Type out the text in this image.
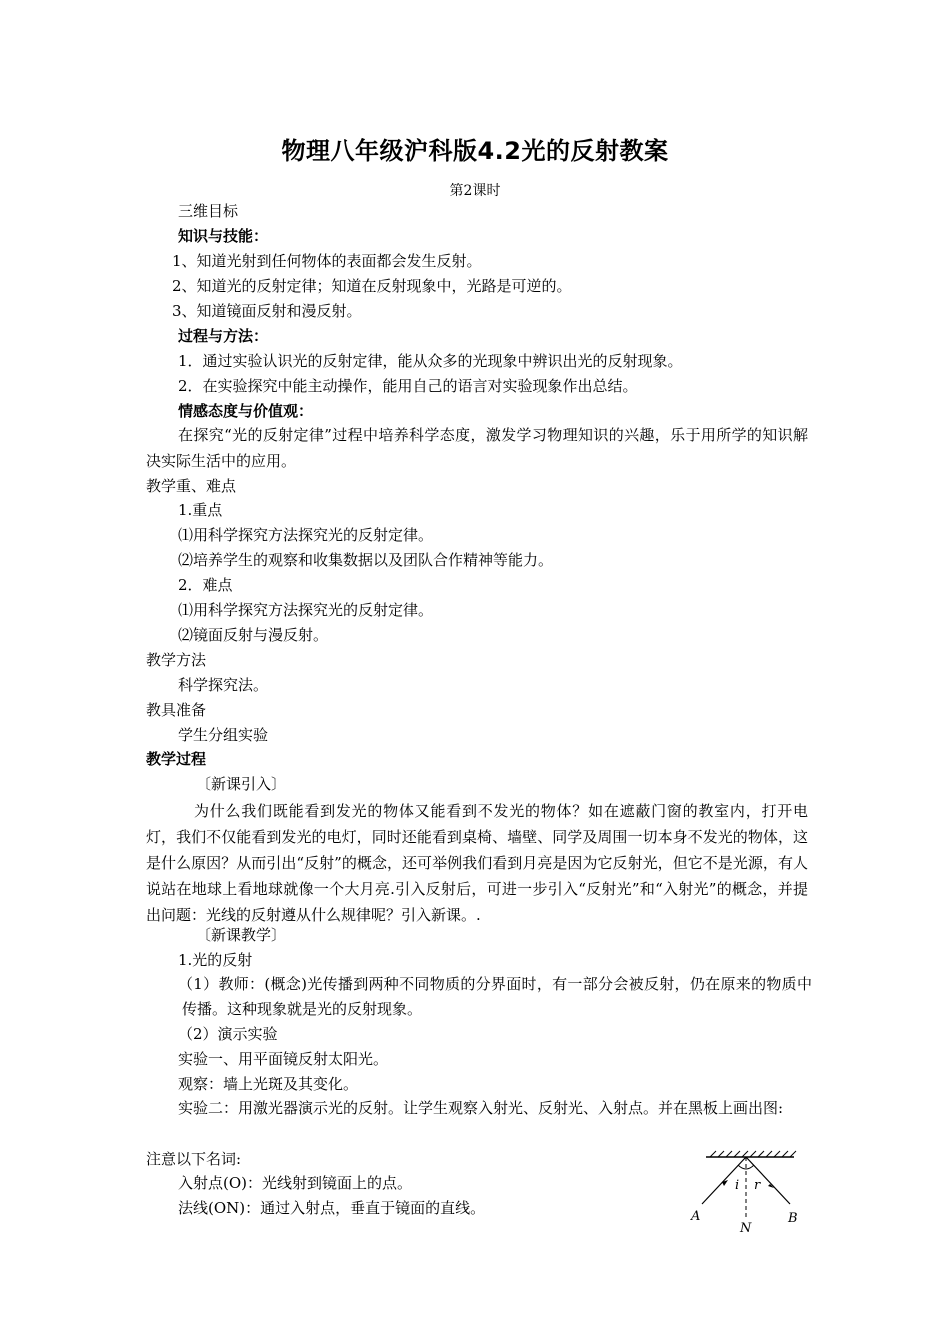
物理八年级沪科版4.2光的反射教案
第2课时
三维目标
知识与技能：
1、知道光射到任何物体的表面都会发生反射。
2、知道光的反射定律；知道在反射现象中，光路是可逆的。
3、知道镜面反射和漫反射。
过程与方法：
1．通过实验认识光的反射定律，能从众多的光现象中辨识出光的反射现象。
2．在实验探究中能主动操作，能用自己的语言对实验现象作出总结。
情感态度与价值观：
在探究“光的反射定律”过程中培养科学态度，激发学习物理知识的兴趣，乐于用所学的知识解决实际生活中的应用。
教学重、难点
1.重点
⑴用科学探究方法探究光的反射定律。
⑵培养学生的观察和收集数据以及团队合作精神等能力。
2．难点
⑴用科学探究方法探究光的反射定律。
⑵镜面反射与漫反射。
教学方法
科学探究法。
教具准备
学生分组实验
教学过程
〔新课引入〕
为什么我们既能看到发光的物体又能看到不发光的物体？如在遮蔽门窗的教室内，打开电灯，我们不仅能看到发光的电灯，同时还能看到桌椅、墙壁、同学及周围一切本身不发光的物体，这是什么原因？从而引出“反射”的概念，还可举例我们看到月亮是因为它反射光，但它不是光源，有人说站在地球上看地球就像一个大月亮.引入反射后，可进一步引入“反射光”和“入射光”的概念，并提出问题：光线的反射遵从什么规律呢？引入新课。.
〔新课教学〕
1.光的反射
（1）教师：(概念)光传播到两种不同物质的分界面时，有一部分会被反射，仍在原来的物质中传播。这种现象就是光的反射现象。
（2）演示实验
实验一、用平面镜反射太阳光。
观察：墙上光斑及其变化。
实验二：用激光器演示光的反射。让学生观察入射光、反射光、入射点。并在黑板上画出图:
注意以下名词:
入射点(O)：光线射到镜面上的点。
法线(ON)：通过入射点，垂直于镜面的直线。
i r
A	B
N
